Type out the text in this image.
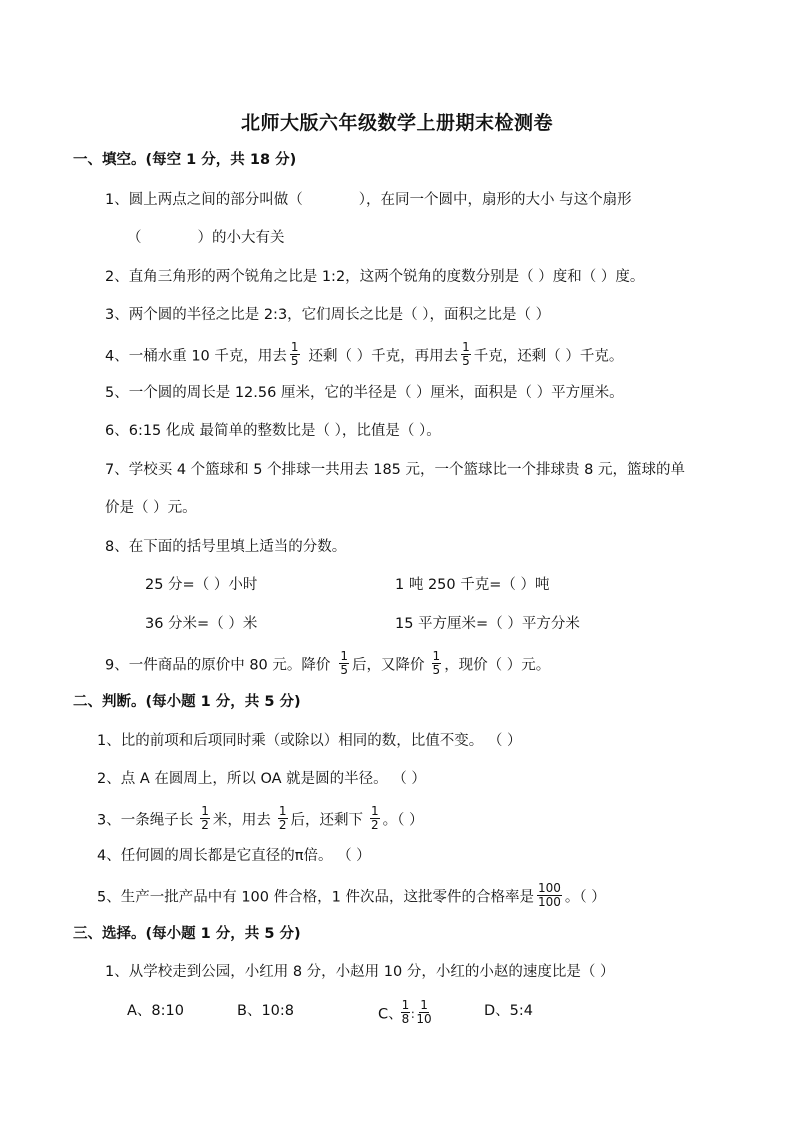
北师大版六年级数学上册期末检测卷
一、填空。(每空 1 分，共 18 分)
1、圆上两点之间的部分叫做（	），在同一个圆中，扇形的大小 与这个扇形
（	）的小大有关
2、直角三角形的两个锐角之比是 1:2，这两个锐角的度数分别是（ ）度和（ ）度。
3、两个圆的半径之比是 2:3，它们周长之比是（ ），面积之比是（ ）
4、一桶水重 10 千克，用去 $\frac{1}{5}$ 还剩（ ）千克，再用去 $\frac{1}{5}$ 千克，还剩（ ）千克。
5、一个圆的周长是 12.56 厘米，它的半径是（ ）厘米，面积是（ ）平方厘米。
6、6:15 化成 最简单的整数比是（ ），比值是（ ）。
7、学校买 4 个篮球和 5 个排球一共用去 185 元，一个篮球比一个排球贵 8 元，篮球的单
价是（ ）元。
8、在下面的括号里填上适当的分数。
25 分=（ ）小时	1 吨 250 千克=（ ）吨
36 分米=（ ）米	15 平方厘米=（ ）平方分米
9、一件商品的原价中 80 元。降价 $\frac{1}{5}$ 后，又降价 $\frac{1}{5}$ ，现价（ ）元。
二、判断。(每小题 1 分，共 5 分)
1、比的前项和后项同时乘（或除以）相同的数，比值不变。 （ ）
2、点 A 在圆周上，所以 OA 就是圆的半径。 （ ）
3、一条绳子长 $\frac{1}{2}$ 米，用去 $\frac{1}{2}$ 后，还剩下 $\frac{1}{2}$ 。（ ）
4、任何圆的周长都是它直径的π倍。 （ ）
5、生产一批产品中有 100 件合格，1 件次品，这批零件的合格率是 $\frac{100}{100}$ 。（ ）
三、选择。(每小题 1 分，共 5 分)
1、从学校走到公园，小红用 8 分，小赵用 10 分，小红的小赵的速度比是（ ）
A、8:10	B、10:8	C、
$\frac{1}{8}$ ∶ $\frac{1}{10}$	D、5:4
